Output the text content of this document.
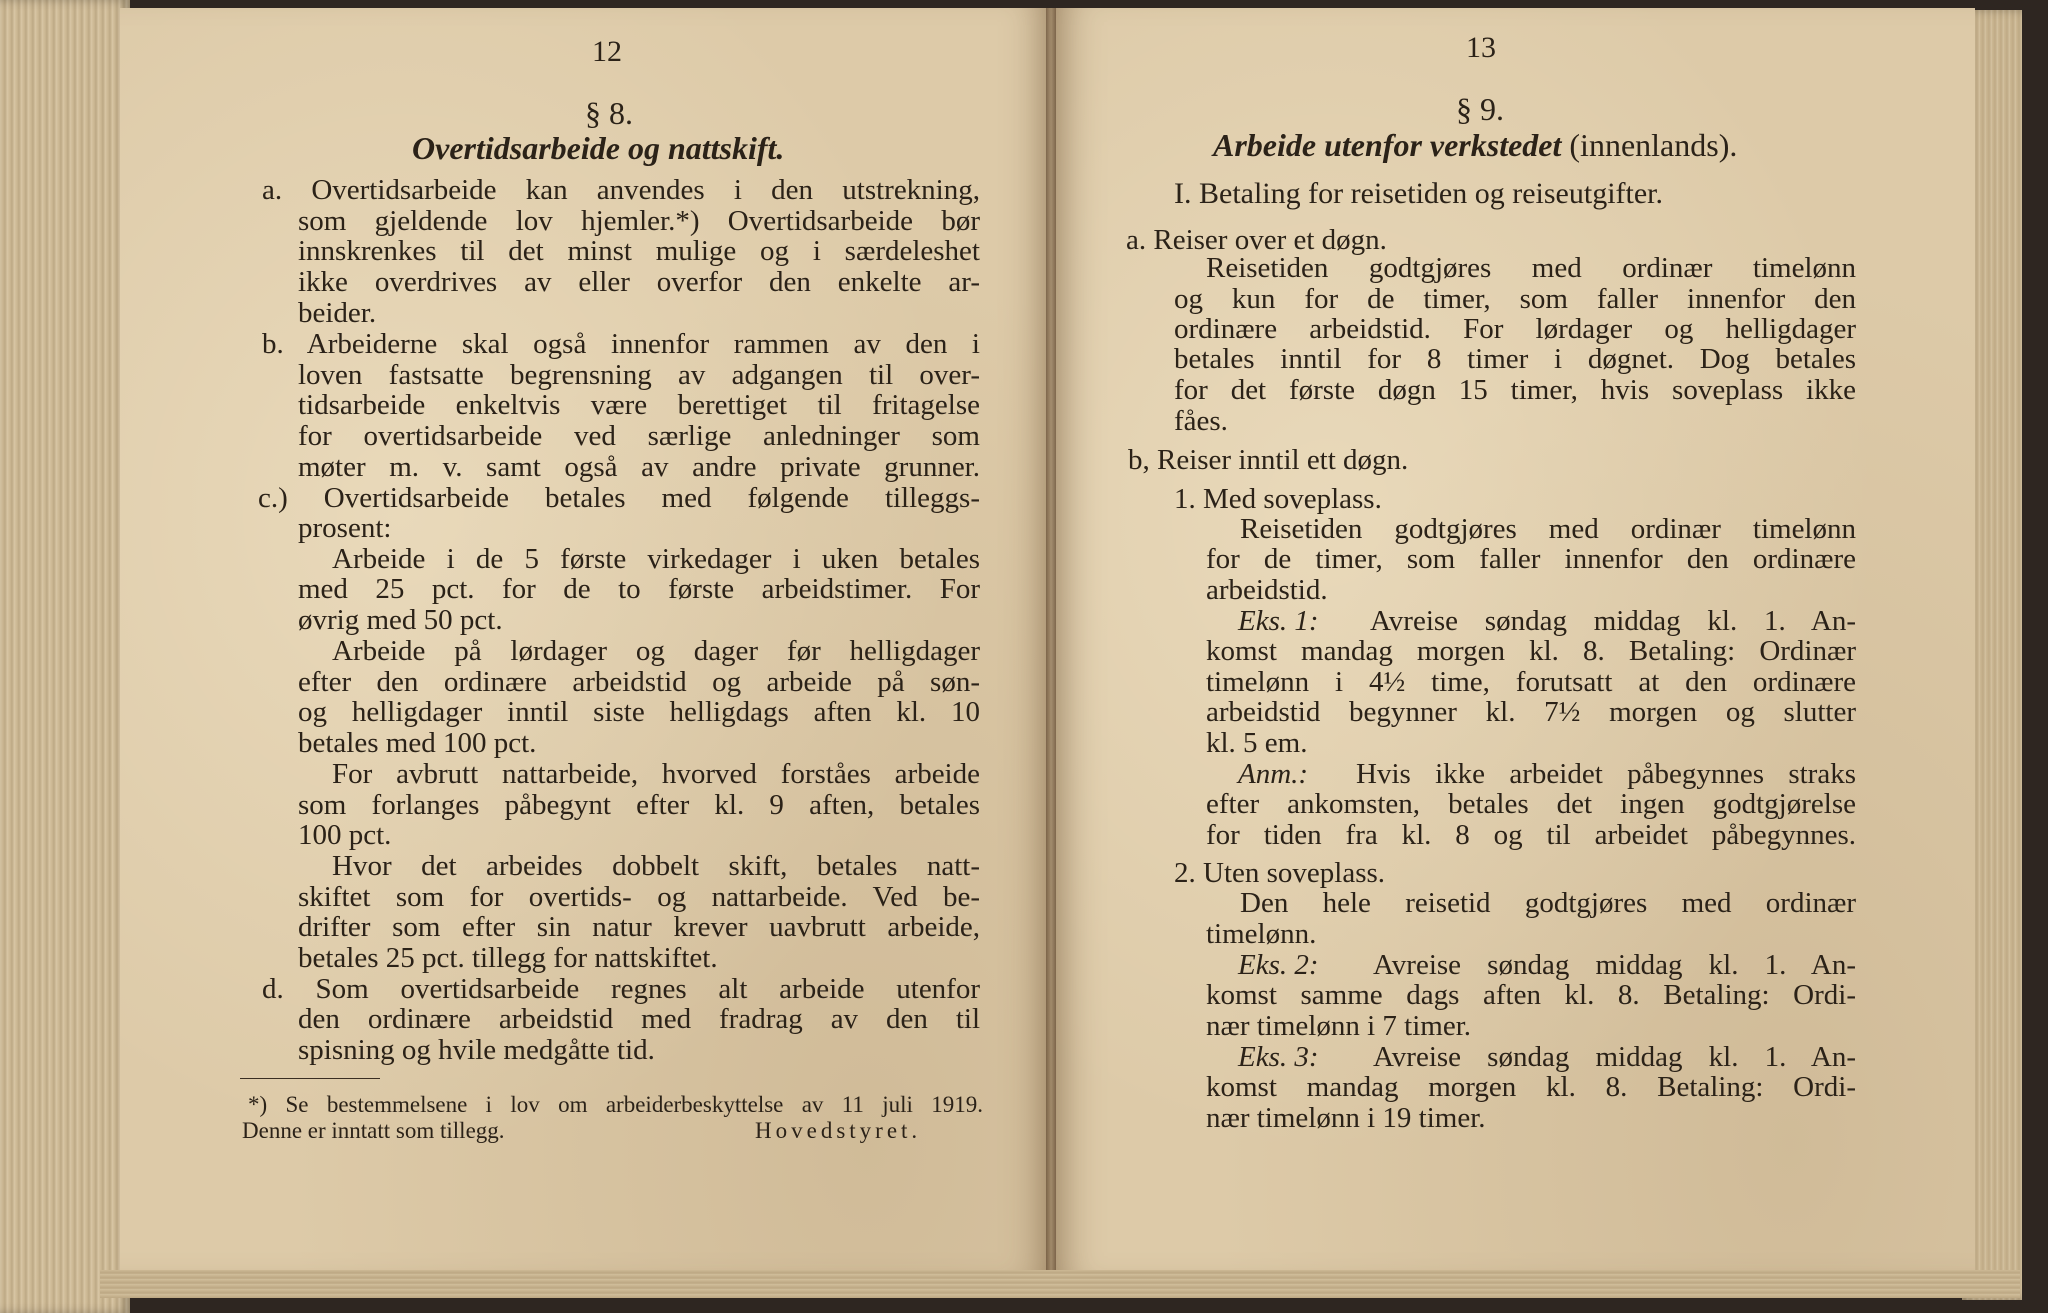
12
§ 8.
Overtidsarbeide og nattskift.
a. Overtidsarbeide kan anvendes i den utstrekning,
som gjeldende lov hjemler.*) Overtidsarbeide bør
innskrenkes til det minst mulige og i særdeleshet
ikke overdrives av eller overfor den enkelte ar-
beider.
b. Arbeiderne skal også innenfor rammen av den i
loven fastsatte begrensning av adgangen til over-
tidsarbeide enkeltvis være berettiget til fritagelse
for overtidsarbeide ved særlige anledninger som
møter m. v. samt også av andre private grunner.
c.) Overtidsarbeide betales med følgende tilleggs-
prosent:
Arbeide i de 5 første virkedager i uken betales
med 25 pct. for de to første arbeidstimer. For
øvrig med 50 pct.
Arbeide på lørdager og dager før helligdager
efter den ordinære arbeidstid og arbeide på søn-
og helligdager inntil siste helligdags aften kl. 10
betales med 100 pct.
For avbrutt nattarbeide, hvorved forståes arbeide
som forlanges påbegynt efter kl. 9 aften, betales
100 pct.
Hvor det arbeides dobbelt skift, betales natt-
skiftet som for overtids- og nattarbeide. Ved be-
drifter som efter sin natur krever uavbrutt arbeide,
betales 25 pct. tillegg for nattskiftet.
d. Som overtidsarbeide regnes alt arbeide utenfor
den ordinære arbeidstid med fradrag av den til
spisning og hvile medgåtte tid.
*) Se bestemmelsene i lov om arbeiderbeskyttelse av 11 juli 1919.
Denne er inntatt som tillegg.	Hovedstyret.
13
§ 9.
Arbeide utenfor verkstedet (innenlands).
I. Betaling for reisetiden og reiseutgifter.
a. Reiser over et døgn.
Reisetiden godtgjøres med ordinær timelønn
og kun for de timer, som faller innenfor den
ordinære arbeidstid. For lørdager og helligdager
betales inntil for 8 timer i døgnet. Dog betales
for det første døgn 15 timer, hvis soveplass ikke
fåes.
b, Reiser inntil ett døgn.
1. Med soveplass.
Reisetiden godtgjøres med ordinær timelønn
for de timer, som faller innenfor den ordinære
arbeidstid.
Eks. 1: Avreise søndag middag kl. 1. An-
komst mandag morgen kl. 8. Betaling: Ordinær
timelønn i 4½ time, forutsatt at den ordinære
arbeidstid begynner kl. 7½ morgen og slutter
kl. 5 em.
Anm.: Hvis ikke arbeidet påbegynnes straks
efter ankomsten, betales det ingen godtgjørelse
for tiden fra kl. 8 og til arbeidet påbegynnes.
2. Uten soveplass.
Den hele reisetid godtgjøres med ordinær
timelønn.
Eks. 2: Avreise søndag middag kl. 1. An-
komst samme dags aften kl. 8. Betaling: Ordi-
nær timelønn i 7 timer.
Eks. 3: Avreise søndag middag kl. 1. An-
komst mandag morgen kl. 8. Betaling: Ordi-
nær timelønn i 19 timer.
